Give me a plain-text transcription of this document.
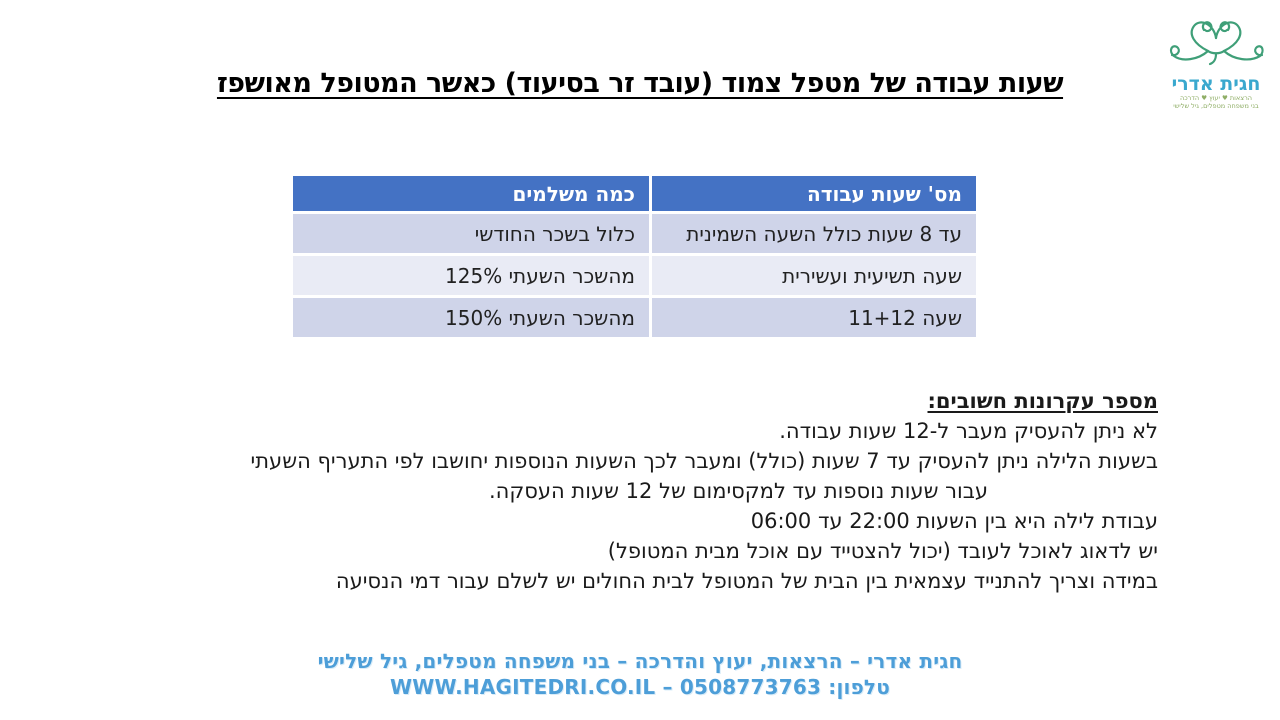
שעות עבודה של מטפל צמוד (עובד זר בסיעוד) כאשר המטופל מאושפז	חגית אדרי
הרצאות ♥ יעוץ ♥ הדרכה
בני משפחה מטפלים, גיל שלישי
מס' שעות עבודה	כמה משלמים
עד 8 שעות כולל השעה השמינית	כלול בשכר החודשי
שעה תשיעית ועשירית	125% מהשכר השעתי
שעה 11+12	150% מהשכר השעתי
מספר עקרונות חשובים:
לא ניתן להעסיק מעבר ל-12 שעות עבודה.
בשעות הלילה ניתן להעסיק עד 7 שעות (כולל) ומעבר לכך השעות הנוספות יחושבו לפי התעריף השעתי
עבור שעות נוספות עד למקסימום של 12 שעות העסקה.
עבודת לילה היא בין השעות 22:00 עד 06:00
יש לדאוג לאוכל לעובד (יכול להצטייד עם אוכל מבית המטופל)
במידה וצריך להתנייד עצמאית בין הבית של המטופל לבית החולים יש לשלם עבור דמי הנסיעה
חגית אדרי – הרצאות, יעוץ והדרכה – בני משפחה מטפלים, גיל שלישי
טלפון: 0508773763 – WWW.HAGITEDRI.CO.IL
